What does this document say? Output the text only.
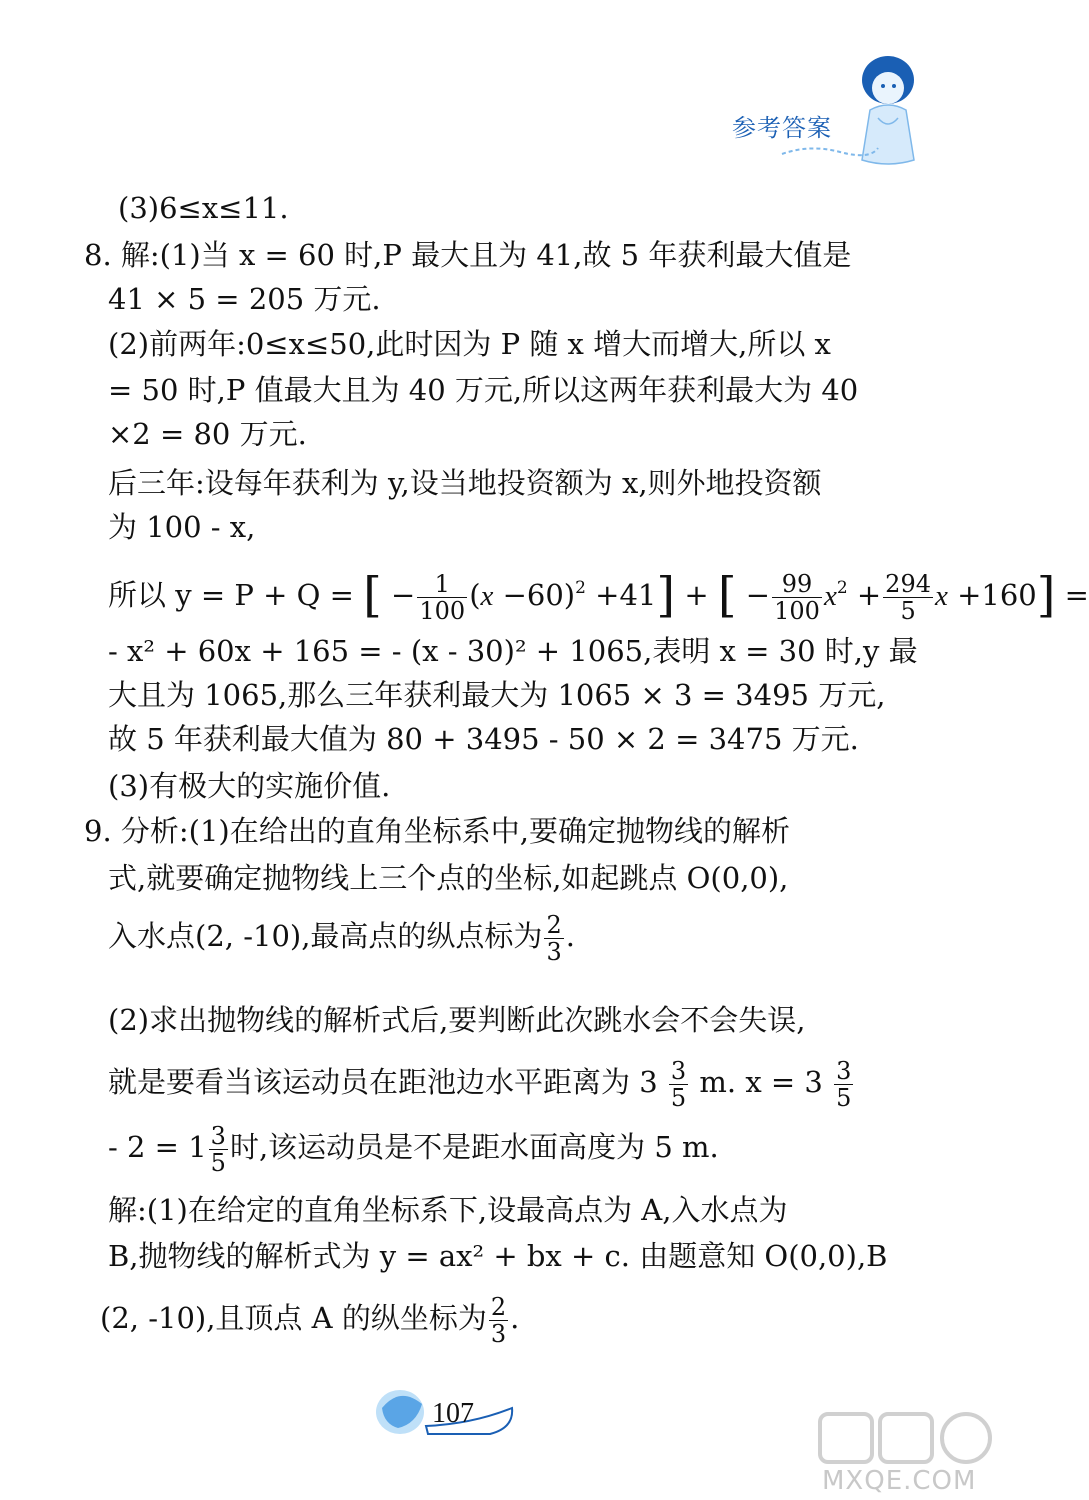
参考答案
(3)6≤x≤11.
8. 解:(1)当 x = 60 时,P 最大且为 41,故 5 年获利最大值是
41 × 5 = 205 万元.
(2)前两年:0≤x≤50,此时因为 P 随 x 增大而增大,所以 x
= 50 时,P 值最大且为 40 万元,所以这两年获利最大为 40
×2 = 80 万元.
后三年:设每年获利为 y,设当地投资额为 x,则外地投资额
为 100 - x,
所以 y = P + Q = [ − $\frac{1}{100} (x -60)^2 +41$] + [ − $\frac{99}{100} x^2 + \frac{294}{5}$ x +160] =
- x² + 60x + 165 = - (x - 30)² + 1065,表明 x = 30 时,y 最
大且为 1065,那么三年获利最大为 1065 × 3 = 3495 万元,
故 5 年获利最大值为 80 + 3495 - 50 × 2 = 3475 万元.
(3)有极大的实施价值.
9. 分析:(1)在给出的直角坐标系中,要确定抛物线的解析
式,就要确定抛物线上三个点的坐标,如起跳点 O(0,0),
入水点(2, -10),最高点的纵点标为 $\frac{2}{3}$ .
(2)求出抛物线的解析式后,要判断此次跳水会不会失误,
就是要看当该运动员在距池边水平距离为 $3 \frac{3}{5} m$. $x = 3 \frac{3}{5}$
- $2 = 1 \frac{3}{5}$ 时,该运动员是不是距水面高度为 5 m.
解:(1)在给定的直角坐标系下,设最高点为 A,入水点为
B,抛物线的解析式为 y = ax² + bx + c. 由题意知 O(0,0),B
(2, -10),且顶点 A 的纵坐标为 $\frac{2}{3}$ .
107
MXQE.COM
